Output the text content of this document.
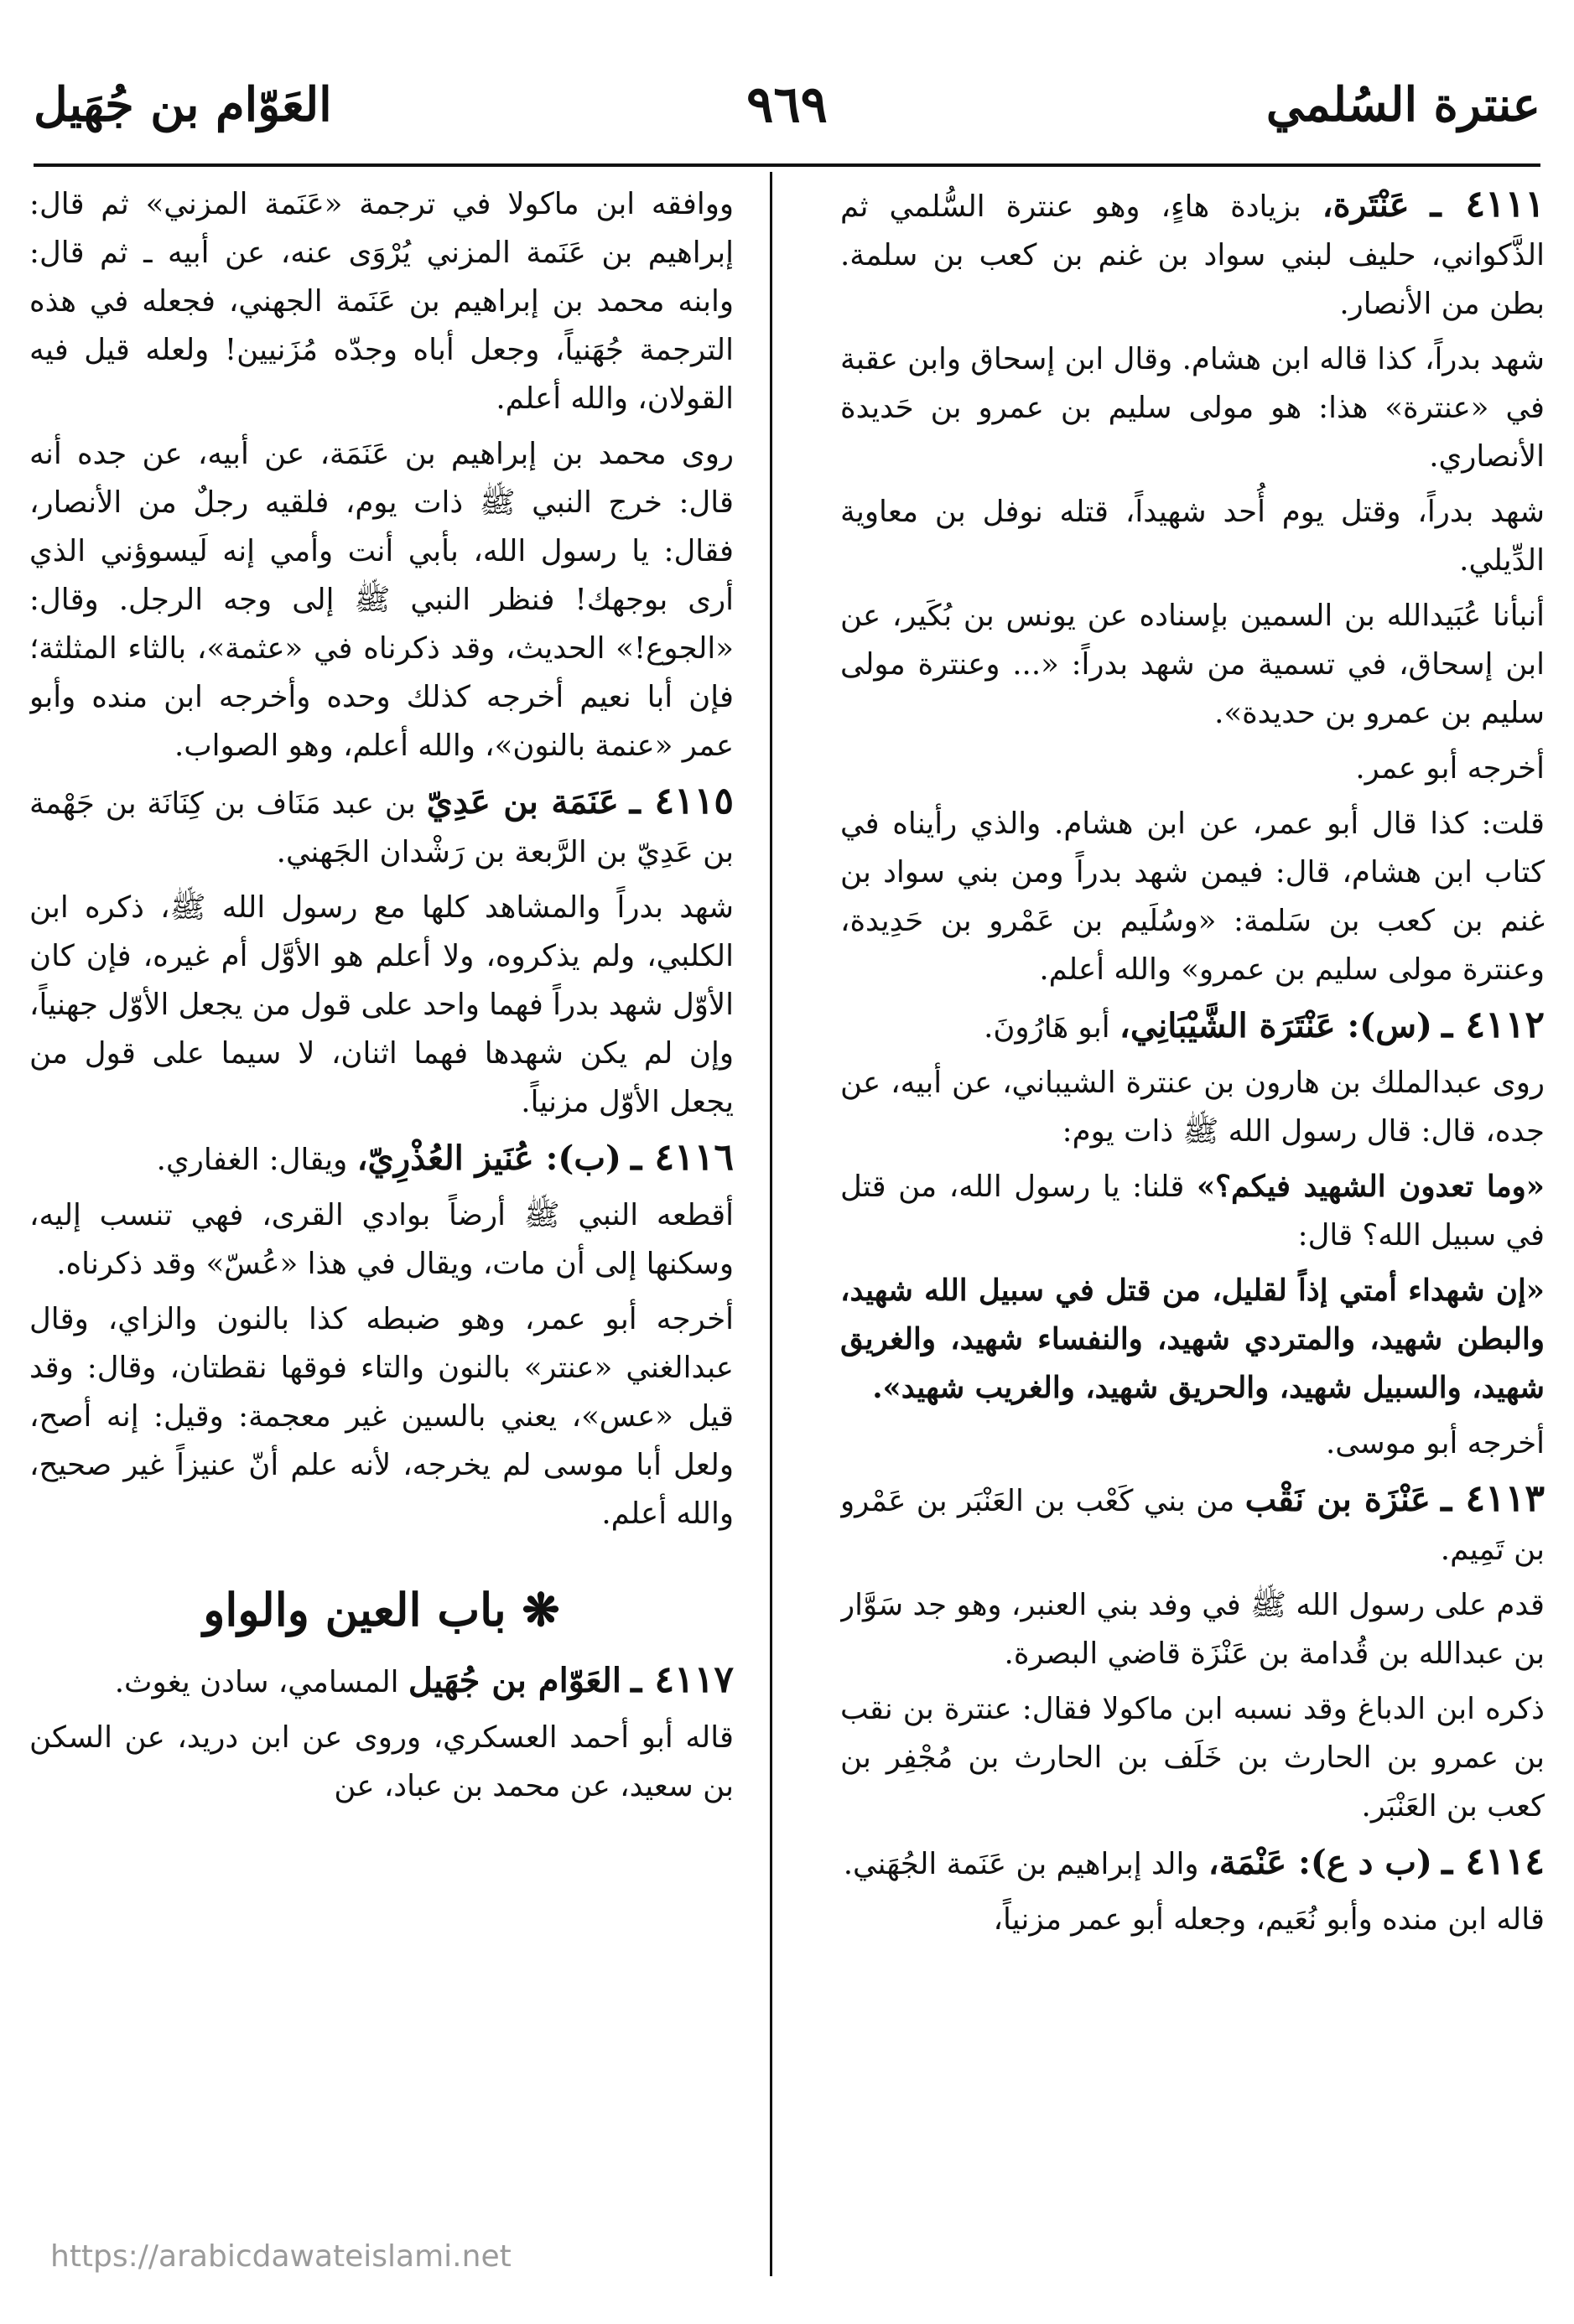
عنترة السُلمي
٩٦٩
العَوّام بن جُهَيل

٤١١١ ـ عَنْتَرة، بزيادة هاءٍ، وهو عنترة السُّلمي ثم الذَّكواني، حليف لبني سواد بن غنم بن كعب بن سلمة. بطن من الأنصار.

شهد بدراً، كذا قاله ابن هشام. وقال ابن إسحاق وابن عقبة في «عنترة» هذا: هو مولى سليم بن عمرو بن حَديدة الأنصاري.

شهد بدراً، وقتل يوم أُحد شهيداً، قتله نوفل بن معاوية الدِّيلي.

أنبأنا عُبَيدالله بن السمين بإسناده عن يونس بن بُكَير، عن ابن إسحاق، في تسمية من شهد بدراً: «... وعنترة مولى سليم بن عمرو بن حديدة».

أخرجه أبو عمر.

قلت: كذا قال أبو عمر، عن ابن هشام. والذي رأيناه في كتاب ابن هشام، قال: فيمن شهد بدراً ومن بني سواد بن غنم بن كعب بن سَلمة: «وسُلَيم بن عَمْرو بن حَدِيدة، وعنترة مولى سليم بن عمرو» والله أعلم.

٤١١٢ ـ (س): عَنْتَرَة الشَّيْبَانِي، أبو هَارُونَ.

روى عبدالملك بن هارون بن عنترة الشيباني، عن أبيه، عن جده، قال: قال رسول الله ﷺ ذات يوم:

«وما تعدون الشهيد فيكم؟» قلنا: يا رسول الله، من قتل في سبيل الله؟ قال:

«إن شهداء أمتي إذاً لقليل، من قتل في سبيل الله شهيد، والبطن شهيد، والمتردي شهيد، والنفساء شهيد، والغريق شهيد، والسبيل شهيد، والحريق شهيد، والغريب شهيد».

أخرجه أبو موسى.

٤١١٣ ـ عَنْزَة بن نَقْب من بني كَعْب بن العَنْبَر بن عَمْرو بن تَمِيم.

قدم على رسول الله ﷺ في وفد بني العنبر، وهو جد سَوَّار بن عبدالله بن قُدامة بن عَنْزَة قاضي البصرة.

ذكره ابن الدباغ وقد نسبه ابن ماكولا فقال: عنترة بن نقب بن عمرو بن الحارث بن خَلَف بن الحارث بن مُجْفِر بن كعب بن العَنْبَر.

٤١١٤ ـ (ب د ع): عَنْمَة، والد إبراهيم بن عَنَمة الجُهَني.

قاله ابن منده وأبو نُعَيم، وجعله أبو عمر مزنياً،

ووافقه ابن ماكولا في ترجمة «عَنَمة المزني» ثم قال: إبراهيم بن عَنَمة المزني يُرْوَى عنه، عن أبيه ـ ثم قال: وابنه محمد بن إبراهيم بن عَنَمة الجهني، فجعله في هذه الترجمة جُهَنياً، وجعل أباه وجدّه مُزَنيين! ولعله قيل فيه القولان، والله أعلم.

روى محمد بن إبراهيم بن عَنَمَة، عن أبيه، عن جده أنه قال: خرج النبي ﷺ ذات يوم، فلقيه رجلٌ من الأنصار، فقال: يا رسول الله، بأبي أنت وأمي إنه لَيسوؤني الذي أرى بوجهك! فنظر النبي ﷺ إلى وجه الرجل. وقال: «الجوع!» الحديث، وقد ذكرناه في «عثمة»، بالثاء المثلثة؛ فإن أبا نعيم أخرجه كذلك وحده وأخرجه ابن منده وأبو عمر «عنمة بالنون»، والله أعلم، وهو الصواب.

٤١١٥ ـ عَنَمَة بن عَدِيّ بن عبد مَنَاف بن كِنَانَة بن جَهْمة بن عَدِيّ بن الرَّبعة بن رَشْدان الجَهني.

شهد بدراً والمشاهد كلها مع رسول الله ﷺ، ذكره ابن الكلبي، ولم يذكروه، ولا أعلم هو الأوَّل أم غيره، فإن كان الأوّل شهد بدراً فهما واحد على قول من يجعل الأوّل جهنياً، وإن لم يكن شهدها فهما اثنان، لا سيما على قول من يجعل الأوّل مزنياً.

٤١١٦ ـ (ب): عُنَيز العُذْرِيّ، ويقال: الغفاري.

أقطعه النبي ﷺ أرضاً بوادي القرى، فهي تنسب إليه، وسكنها إلى أن مات، ويقال في هذا «عُسّ» وقد ذكرناه.

أخرجه أبو عمر، وهو ضبطه كذا بالنون والزاي، وقال عبدالغني «عنتر» بالنون والتاء فوقها نقطتان، وقال: وقد قيل «عس»، يعني بالسين غير معجمة: وقيل: إنه أصح، ولعل أبا موسى لم يخرجه، لأنه علم أنّ عنيزاً غير صحيح، والله أعلم.

❋ باب العين والواو

٤١١٧ ـ العَوّام بن جُهَيل المسامي، سادن يغوث.

قاله أبو أحمد العسكري، وروى عن ابن دريد، عن السكن بن سعيد، عن محمد بن عباد، عن

https://arabicdawateislami.net
